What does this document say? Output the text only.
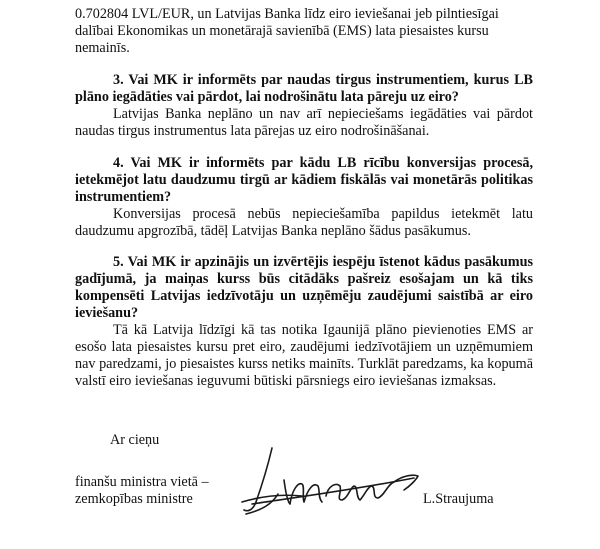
0.702804 LVL/EUR, un Latvijas Banka līdz eiro ieviešanai jeb pilntiesīgai
dalībai Ekonomikas un monetārajā savienībā (EMS) lata piesaistes kursu
nemainīs.
3. Vai MK ir informēts par naudas tirgus instrumentiem, kurus LB plāno iegādāties vai pārdot, lai nodrošinātu lata pāreju uz eiro?
Latvijas Banka neplāno un nav arī nepieciešams iegādāties vai pārdot naudas tirgus instrumentus lata pārejas uz eiro nodrošināšanai.
4. Vai MK ir informēts par kādu LB rīcību konversijas procesā, ietekmējot latu daudzumu tirgū ar kādiem fiskālās vai monetārās politikas instrumentiem?
Konversijas procesā nebūs nepieciešamība papildus ietekmēt latu daudzumu apgrozībā, tādēļ Latvijas Banka neplāno šādus pasākumus.
5. Vai MK ir apzinājis un izvērtējis iespēju īstenot kādus pasākumus gadījumā, ja maiņas kurss būs citādāks pašreiz esošajam un kā tiks kompensēti Latvijas iedzīvotāju un uzņēmēju zaudējumi saistībā ar eiro ieviešanu?
Tā kā Latvija līdzīgi kā tas notika Igaunijā plāno pievienoties EMS ar esošo lata piesaistes kursu pret eiro, zaudējumi iedzīvotājiem un uzņēmumiem nav paredzami, jo piesaistes kurss netiks mainīts. Turklāt paredzams, ka kopumā valstī eiro ieviešanas ieguvumi būtiski pārsniegs eiro ieviešanas izmaksas.
Ar cieņu
finanšu ministra vietā –
zemkopības ministre	L.Straujuma
